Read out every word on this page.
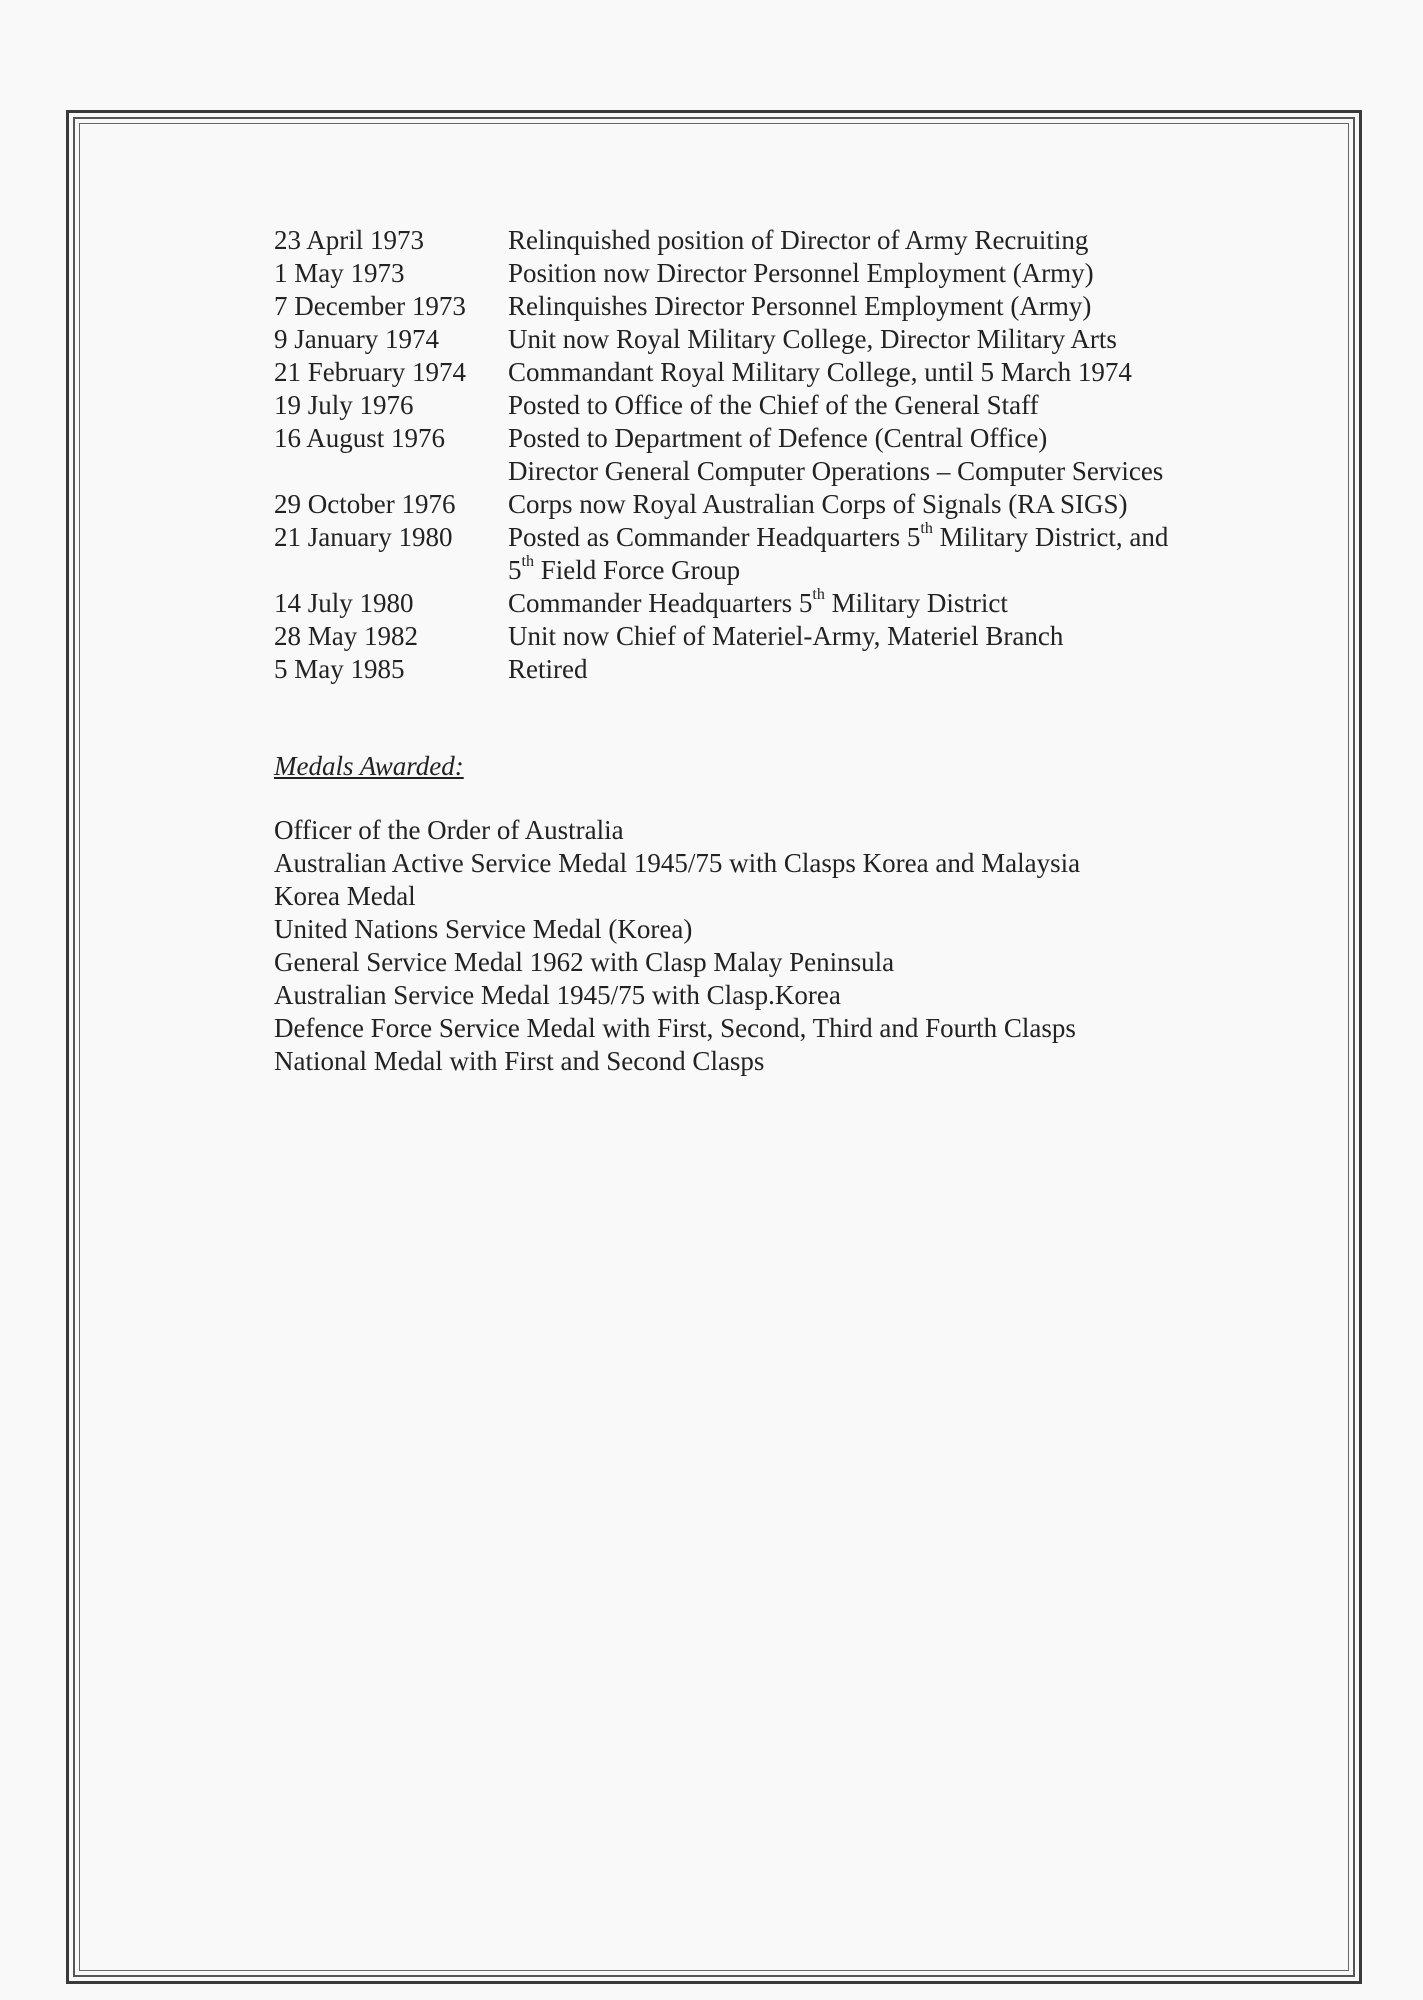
23 April 1973	Relinquished position of Director of Army Recruiting
1 May 1973	Position now Director Personnel Employment (Army)
7 December 1973	Relinquishes Director Personnel Employment (Army)
9 January 1974	Unit now Royal Military College, Director Military Arts
21 February 1974	Commandant Royal Military College, until 5 March 1974
19 July 1976	Posted to Office of the Chief of the General Staff
16 August 1976	Posted to Department of Defence (Central Office)
Director General Computer Operations – Computer Services
29 October 1976	Corps now Royal Australian Corps of Signals (RA SIGS)
21 January 1980	Posted as Commander Headquarters 5th Military District, and
5th Field Force Group
14 July 1980	Commander Headquarters 5th Military District
28 May 1982	Unit now Chief of Materiel-Army, Materiel Branch
5 May 1985	Retired
Medals Awarded:
Officer of the Order of Australia
Australian Active Service Medal 1945/75 with Clasps Korea and Malaysia
Korea Medal
United Nations Service Medal (Korea)
General Service Medal 1962 with Clasp Malay Peninsula
Australian Service Medal 1945/75 with Clasp.Korea
Defence Force Service Medal with First, Second, Third and Fourth Clasps
National Medal with First and Second Clasps
